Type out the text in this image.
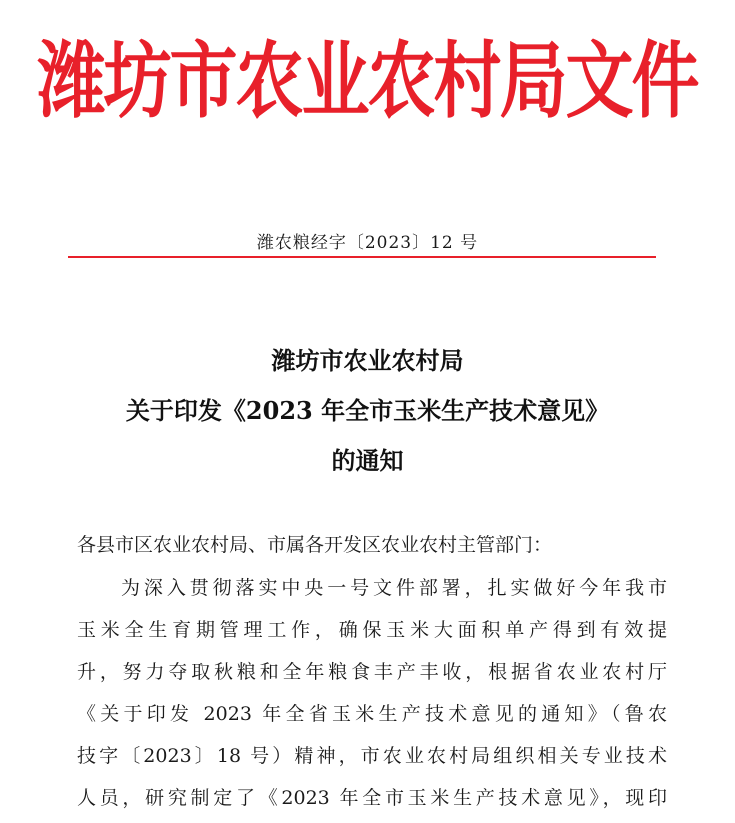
潍坊市农业农村局文件
潍农粮经字〔2023〕12 号
潍坊市农业农村局
关于印发《2023 年全市玉米生产技术意见》
的通知
各县市区农业农村局、市属各开发区农业农村主管部门：
为深入贯彻落实中央一号文件部署，扎实做好今年我市
玉米全生育期管理工作，确保玉米大面积单产得到有效提
升，努力夺取秋粮和全年粮食丰产丰收，根据省农业农村厅
《关于印发 2023 年全省玉米生产技术意见的通知》（鲁农
技字〔2023〕18 号）精神，市农业农村局组织相关专业技术
人员，研究制定了《2023 年全市玉米生产技术意见》，现印
